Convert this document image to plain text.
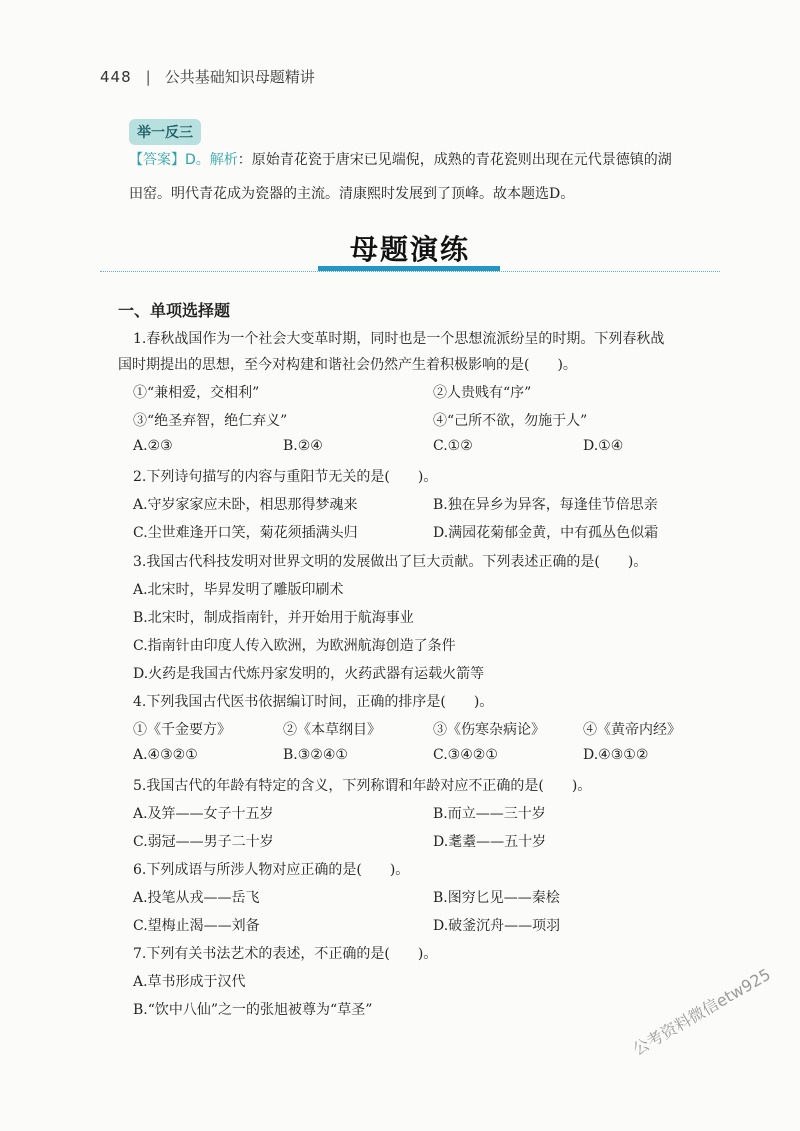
448 | 公共基础知识母题精讲
举一反三
【答案】D。解析：原始青花瓷于唐宋已见端倪，成熟的青花瓷则出现在元代景德镇的湖
田窑。明代青花成为瓷器的主流。清康熙时发展到了顶峰。故本题选D。
母题演练
一、单项选择题
1.春秋战国作为一个社会大变革时期，同时也是一个思想流派纷呈的时期。下列春秋战
国时期提出的思想，至今对构建和谐社会仍然产生着积极影响的是(　　)。
①“兼相爱，交相利”	②人贵贱有“序”
③“绝圣弃智，绝仁弃义”	④“己所不欲，勿施于人”
A.②③	B.②④	C.①②	D.①④
2.下列诗句描写的内容与重阳节无关的是(　　)。
A.守岁家家应未卧，相思那得梦魂来	B.独在异乡为异客，每逢佳节倍思亲
C.尘世难逢开口笑，菊花须插满头归	D.满园花菊郁金黄，中有孤丛色似霜
3.我国古代科技发明对世界文明的发展做出了巨大贡献。下列表述正确的是(　　)。
A.北宋时，毕昇发明了雕版印刷术
B.北宋时，制成指南针，并开始用于航海事业
C.指南针由印度人传入欧洲，为欧洲航海创造了条件
D.火药是我国古代炼丹家发明的，火药武器有运载火箭等
4.下列我国古代医书依据编订时间，正确的排序是(　　)。
①《千金要方》	②《本草纲目》	③《伤寒杂病论》	④《黄帝内经》
A.④③②①	B.③②④①	C.③④②①	D.④③①②
5.我国古代的年龄有特定的含义，下列称谓和年龄对应不正确的是(　　)。
A.及笄——女子十五岁	B.而立——三十岁
C.弱冠——男子二十岁	D.耄耋——五十岁
6.下列成语与所涉人物对应正确的是(　　)。
A.投笔从戎——岳飞	B.图穷匕见——秦桧
C.望梅止渴——刘备	D.破釜沉舟——项羽
7.下列有关书法艺术的表述，不正确的是(　　)。
A.草书形成于汉代
B.“饮中八仙”之一的张旭被尊为“草圣”	公考资料微信etw925
